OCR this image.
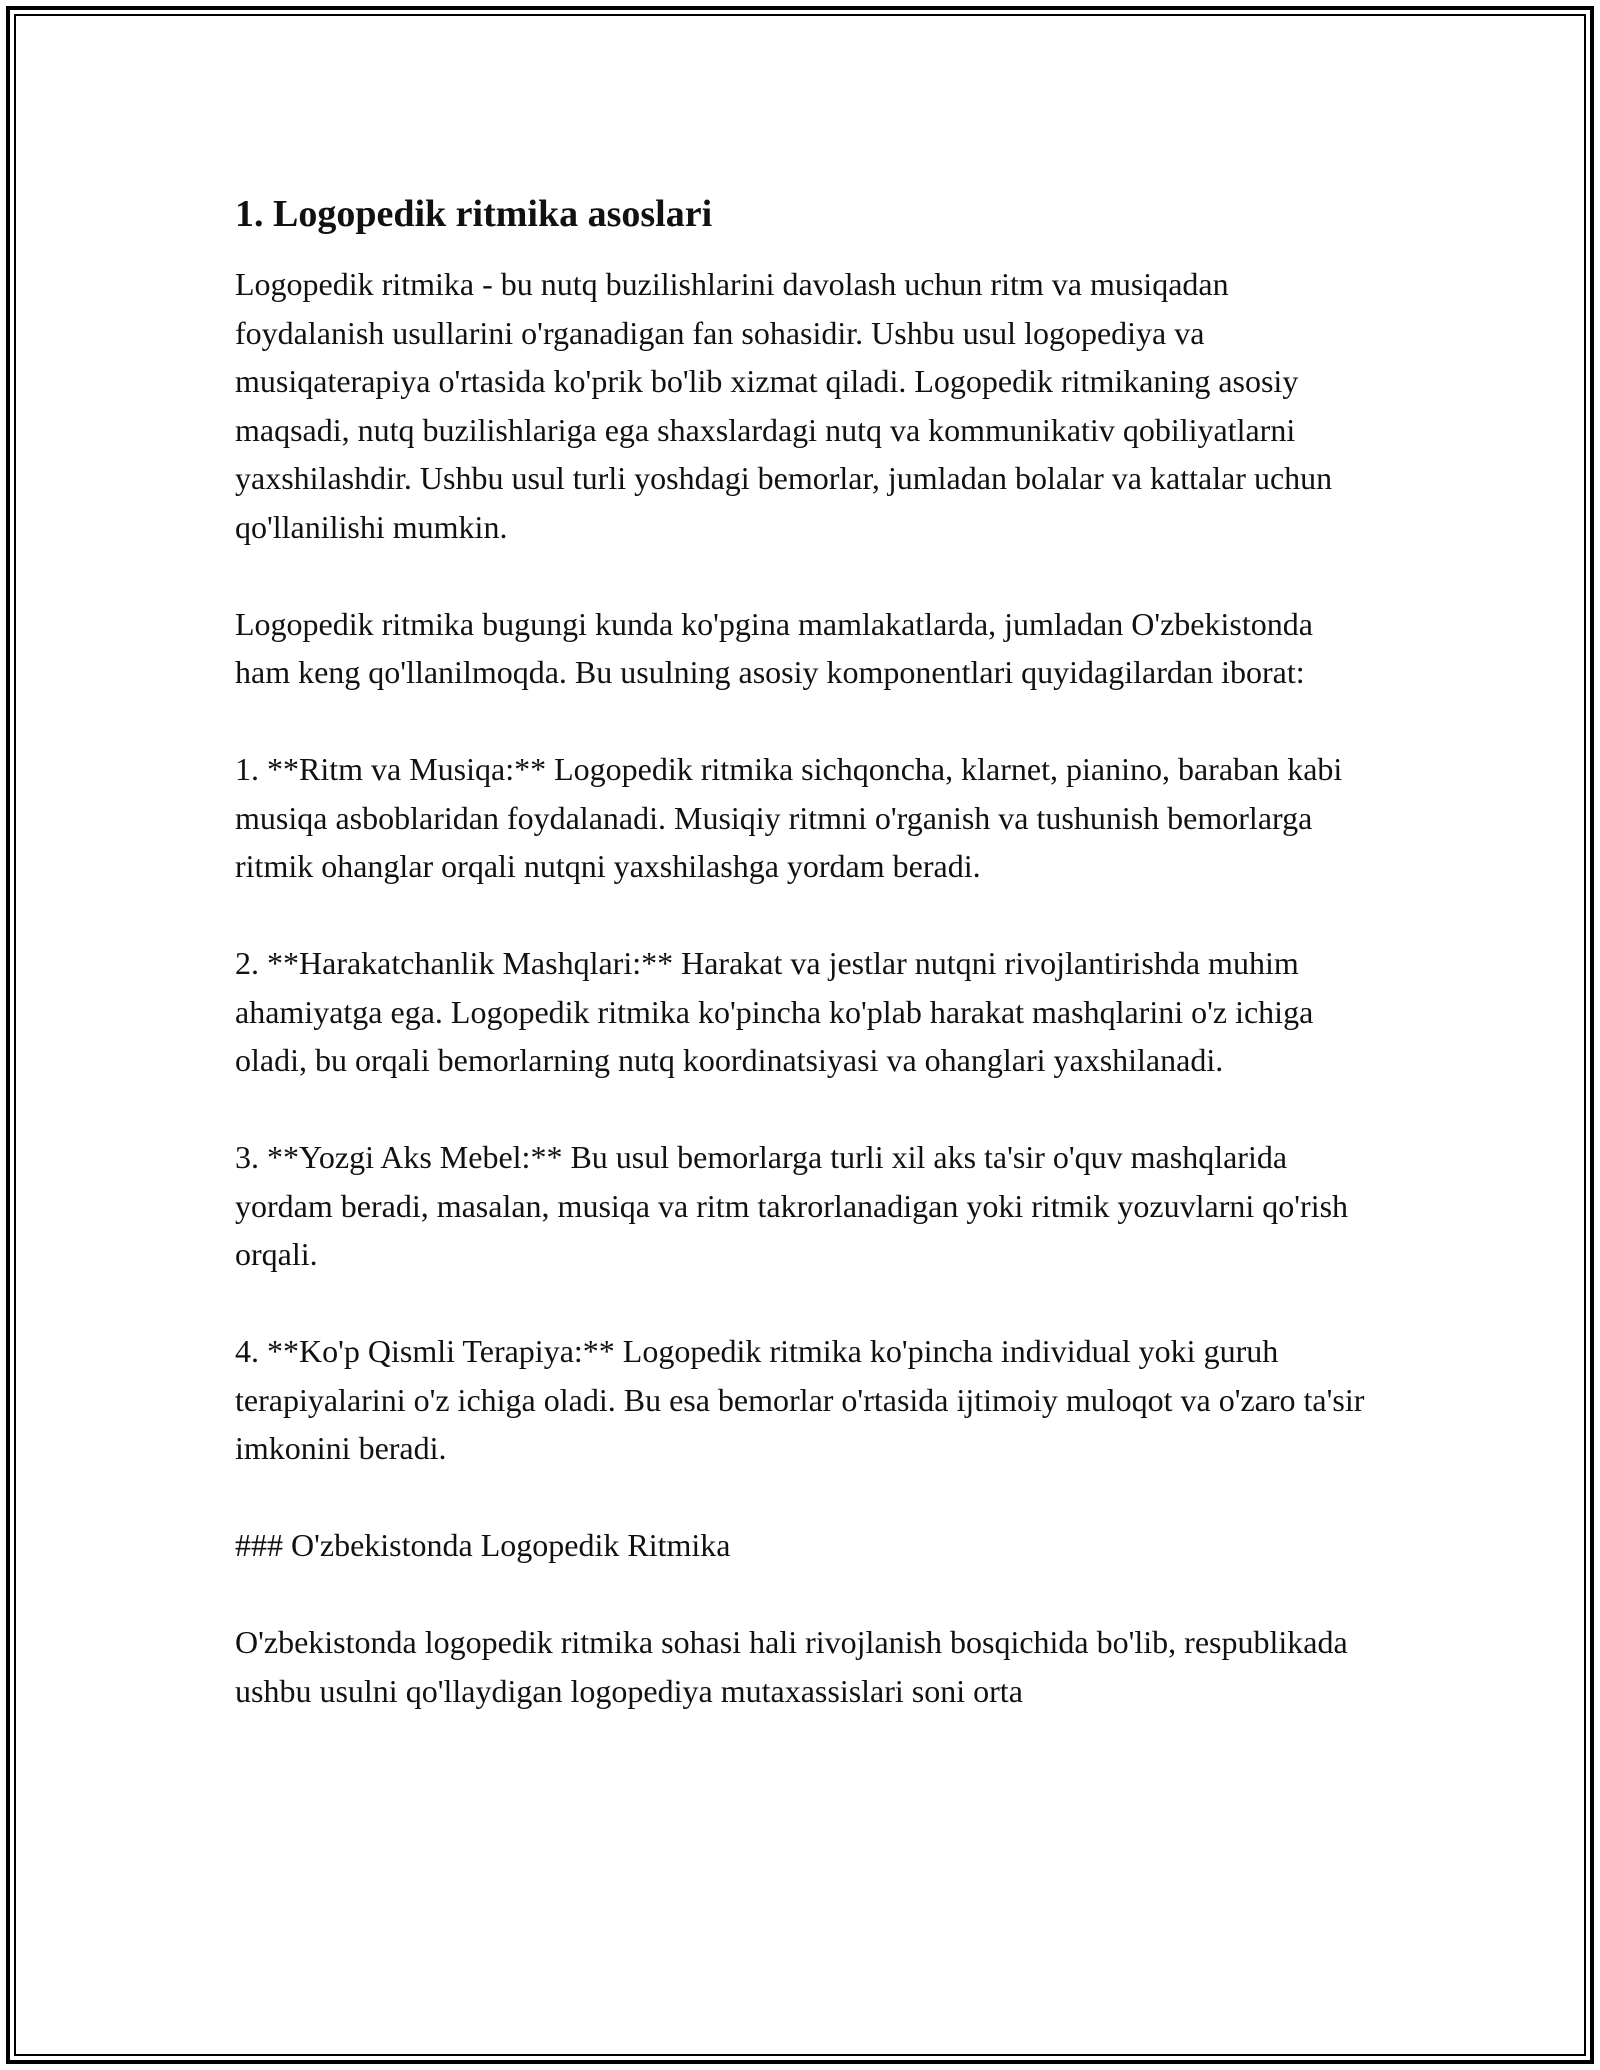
1. Logopedik ritmika asoslari

Logopedik ritmika - bu nutq buzilishlarini davolash uchun ritm va musiqadan foydalanish usullarini o'rganadigan fan sohasidir. Ushbu usul logopediya va musiqaterapiya o'rtasida ko'prik bo'lib xizmat qiladi. Logopedik ritmikaning asosiy maqsadi, nutq buzilishlariga ega shaxslardagi nutq va kommunikativ qobiliyatlarni yaxshilashdir. Ushbu usul turli yoshdagi bemorlar, jumladan bolalar va kattalar uchun qo'llanilishi mumkin.

Logopedik ritmika bugungi kunda ko'pgina mamlakatlarda, jumladan O'zbekistonda ham keng qo'llanilmoqda. Bu usulning asosiy komponentlari quyidagilardan iborat:

1. **Ritm va Musiqa:** Logopedik ritmika sichqoncha, klarnet, pianino, baraban kabi musiqa asboblaridan foydalanadi. Musiqiy ritmni o'rganish va tushunish bemorlarga ritmik ohanglar orqali nutqni yaxshilashga yordam beradi.

2. **Harakatchanlik Mashqlari:** Harakat va jestlar nutqni rivojlantirishda muhim ahamiyatga ega. Logopedik ritmika ko'pincha ko'plab harakat mashqlarini o'z ichiga oladi, bu orqali bemorlarning nutq koordinatsiyasi va ohanglari yaxshilanadi.

3. **Yozgi Aks Mebel:** Bu usul bemorlarga turli xil aks ta'sir o'quv mashqlarida yordam beradi, masalan, musiqa va ritm takrorlanadigan yoki ritmik yozuvlarni qo'rish orqali.

4. **Ko'p Qismli Terapiya:** Logopedik ritmika ko'pincha individual yoki guruh terapiyalarini o'z ichiga oladi. Bu esa bemorlar o'rtasida ijtimoiy muloqot va o'zaro ta'sir imkonini beradi.

### O'zbekistonda Logopedik Ritmika

O'zbekistonda logopedik ritmika sohasi hali rivojlanish bosqichida bo'lib, respublikada ushbu usulni qo'llaydigan logopediya mutaxassislari soni orta
